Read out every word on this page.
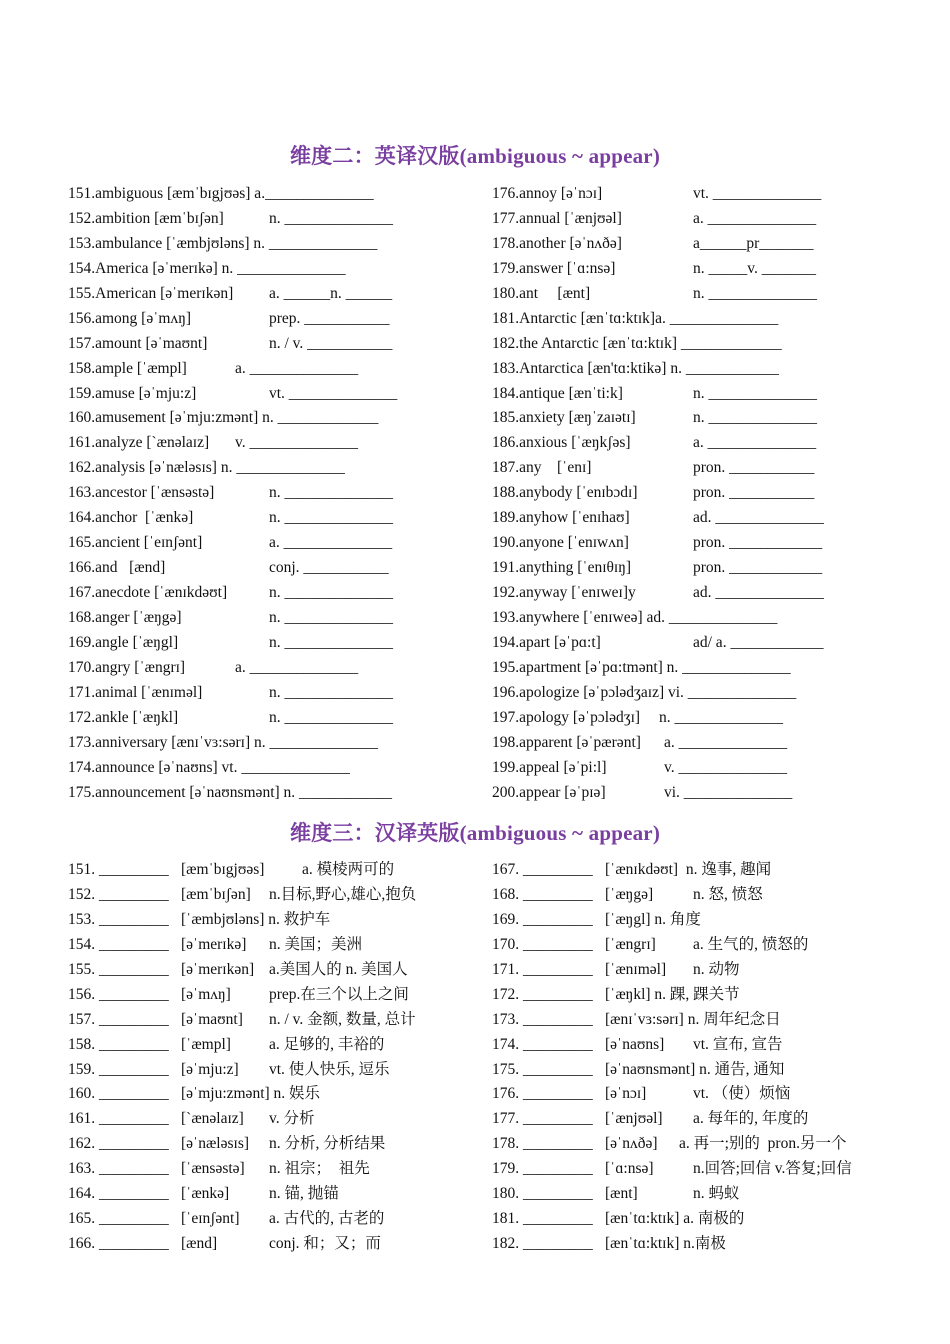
维度二：英译汉版(ambiguous ~ appear)
151.ambiguous [æmˈbɪgjʊəs] a.______________
152.ambition [æmˈbɪʃən]	n. ______________
153.ambulance [ˈæmbjʊləns] n. ______________
154.America [əˈmerɪkə] n. ______________
155.American [əˈmerɪkən] a. ______n. ______
156.among [əˈmʌŋ]	prep. ___________
157.amount [əˈmaʊnt]	n. / v. ___________
158.ample [ˈæmpl]	a. ______________
159.amuse [əˈmju:z]	vt. ______________
160.amusement [əˈmju:zmənt] n. _____________
161.analyze [`ænəlaɪz] v. ______________
162.analysis [əˈnæləsɪs] n. ______________
163.ancestor [ˈænsəstə]	n. ______________
164.anchor  [ˈænkə]	n. ______________
165.ancient [ˈeɪnʃənt]	a. ______________
166.and   [ænd]	conj. ___________
167.anecdote [ˈænɪkdəʊt]	n. ______________
168.anger [ˈæŋgə]	n. ______________
169.angle [ˈæŋgl]	n. ______________
170.angry [ˈængrɪ]	a. ______________
171.animal [ˈænɪməl]	n. ______________
172.ankle [ˈæŋkl]	n. ______________
173.anniversary [ænɪˈvɜ:sərɪ] n. ______________
174.announce [əˈnaʊns] vt. ______________
175.announcement [əˈnaʊnsmənt] n. ____________
176.annoy [əˈnɔɪ]	vt. ______________
177.annual [ˈænjʊəl]	a. ______________
178.another [əˈnʌðə]	a______pr_______
179.answer [ˈɑ:nsə]	n. _____v. _______
180.ant     [ænt]	n. ______________
181.Antarctic [ænˈtɑ:ktɪk]a. ______________
182.the Antarctic [ænˈtɑ:ktɪk] _____________
183.Antarctica [æn'tɑ:ktikə] n. ____________
184.antique [ænˈti:k]	n. ______________
185.anxiety [æŋˈzaɪətɪ]	n. ______________
186.anxious [ˈæŋkʃəs]	a. ______________
187.any    [ˈenɪ]	pron. ___________
188.anybody [ˈenɪbɔdɪ]	pron. ___________
189.anyhow [ˈenɪhaʊ]	ad. ______________
190.anyone [ˈenɪwʌn]	pron. ____________
191.anything [ˈenɪθɪŋ]	pron. ____________
192.anyway [ˈenɪweɪ]y	ad. ______________
193.anywhere [ˈenɪweə] ad. ______________
194.apart [əˈpɑ:t]	ad/ a. ____________
195.apartment [əˈpɑ:tmənt] n. ______________
196.apologize [əˈpɔlədʒaɪz] vi. ______________
197.apology [əˈpɔlədʒɪ] n. ______________
198.apparent [əˈpærənt] a. ______________
199.appeal [əˈpi:l]	v. ______________
200.appear [əˈpɪə]	vi. ______________
维度三：汉译英版(ambiguous ~ appear)
151. _________ [æmˈbɪgjʊəs] a. 模棱两可的
152. _________ [æmˈbɪʃən] n.目标,野心,雄心,抱负
153. _________ [ˈæmbjʊləns] n. 救护车
154. _________ [əˈmerɪkə] n. 美国；美洲
155. _________ [əˈmerɪkən] a.美国人的 n. 美国人
156. _________ [əˈmʌŋ] prep.在三个以上之间
157. _________ [əˈmaʊnt] n. / v. 金额, 数量, 总计
158. _________ [ˈæmpl] a. 足够的, 丰裕的
159. _________ [əˈmju:z] vt. 使人快乐, 逗乐
160. _________ [əˈmju:zmənt] n. 娱乐
161. _________ [`ænəlaɪz] v. 分析
162. _________ [əˈnæləsɪs] n. 分析, 分析结果
163. _________ [ˈænsəstə] n. 祖宗；  祖先
164. _________ [ˈænkə]	n. 锚, 抛锚
165. _________ [ˈeɪnʃənt] a. 古代的, 古老的
166. _________ [ænd]	conj. 和；又；而
167. _________ [ˈænɪkdəʊt]  n. 逸事, 趣闻
168. _________ [ˈæŋgə]	n. 怒, 愤怒
169. _________ [ˈæŋgl] n. 角度
170. _________ [ˈængrɪ] a. 生气的, 愤怒的
171. _________ [ˈænɪməl] n. 动物
172. _________ [ˈæŋkl] n. 踝, 踝关节
173. _________ [ænɪˈvɜ:sərɪ] n. 周年纪念日
174. _________ [əˈnaʊns] vt. 宣布, 宣告
175. _________ [əˈnaʊnsmənt] n. 通告, 通知
176. _________ [əˈnɔɪ]	vt. （使）烦恼
177. _________ [ˈænjʊəl] a. 每年的, 年度的
178. _________ [əˈnʌðə] a. 再一;别的  pron.另一个
179. _________ [ˈɑ:nsə]	n.回答;回信 v.答复;回信
180. _________ [ænt]	n. 蚂蚁
181. _________ [ænˈtɑ:ktɪk] a. 南极的
182. _________ [ænˈtɑ:ktɪk] n.南极
